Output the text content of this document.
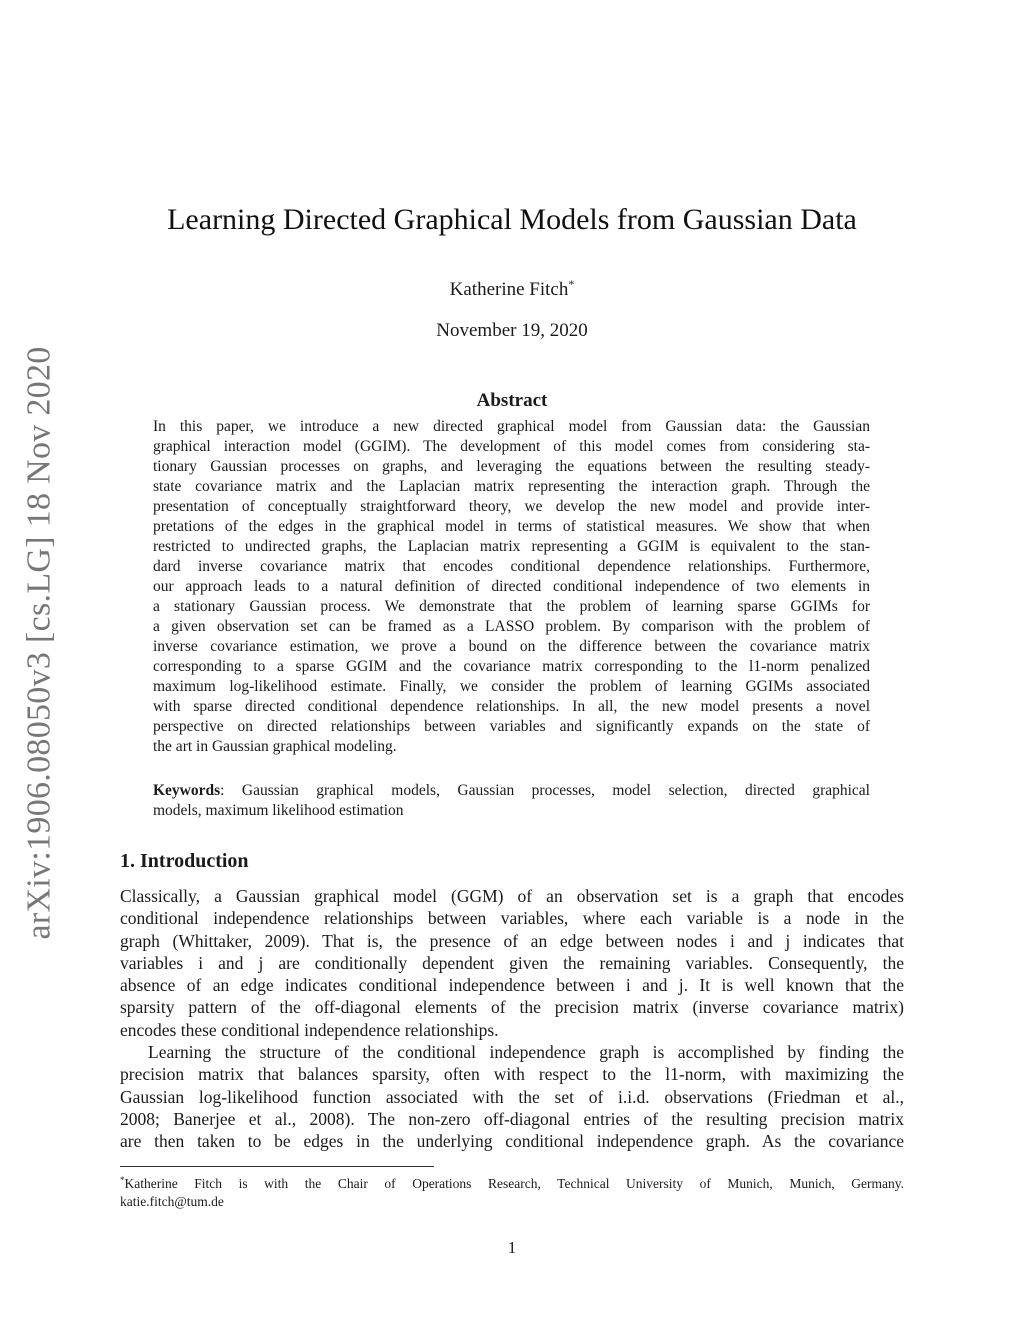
arXiv:1906.08050v3 [cs.LG] 18 Nov 2020
Learning Directed Graphical Models from Gaussian Data
Katherine Fitch*
November 19, 2020
Abstract
In this paper, we introduce a new directed graphical model from Gaussian data: the Gaussian
graphical interaction model (GGIM). The development of this model comes from considering sta-
tionary Gaussian processes on graphs, and leveraging the equations between the resulting steady-
state covariance matrix and the Laplacian matrix representing the interaction graph. Through the
presentation of conceptually straightforward theory, we develop the new model and provide inter-
pretations of the edges in the graphical model in terms of statistical measures. We show that when
restricted to undirected graphs, the Laplacian matrix representing a GGIM is equivalent to the stan-
dard inverse covariance matrix that encodes conditional dependence relationships. Furthermore,
our approach leads to a natural definition of directed conditional independence of two elements in
a stationary Gaussian process. We demonstrate that the problem of learning sparse GGIMs for
a given observation set can be framed as a LASSO problem. By comparison with the problem of
inverse covariance estimation, we prove a bound on the difference between the covariance matrix
corresponding to a sparse GGIM and the covariance matrix corresponding to the l1-norm penalized
maximum log-likelihood estimate. Finally, we consider the problem of learning GGIMs associated
with sparse directed conditional dependence relationships. In all, the new model presents a novel
perspective on directed relationships between variables and significantly expands on the state of
the art in Gaussian graphical modeling.
Keywords: Gaussian graphical models, Gaussian processes, model selection, directed graphical
models, maximum likelihood estimation
1. Introduction
Classically, a Gaussian graphical model (GGM) of an observation set is a graph that encodes
conditional independence relationships between variables, where each variable is a node in the
graph (Whittaker, 2009). That is, the presence of an edge between nodes i and j indicates that
variables i and j are conditionally dependent given the remaining variables. Consequently, the
absence of an edge indicates conditional independence between i and j. It is well known that the
sparsity pattern of the off-diagonal elements of the precision matrix (inverse covariance matrix)
encodes these conditional independence relationships.
Learning the structure of the conditional independence graph is accomplished by finding the
precision matrix that balances sparsity, often with respect to the l1-norm, with maximizing the
Gaussian log-likelihood function associated with the set of i.i.d. observations (Friedman et al.,
2008; Banerjee et al., 2008). The non-zero off-diagonal entries of the resulting precision matrix
are then taken to be edges in the underlying conditional independence graph. As the covariance
*Katherine Fitch is with the Chair of Operations Research, Technical University of Munich, Munich, Germany.
katie.fitch@tum.de
1
